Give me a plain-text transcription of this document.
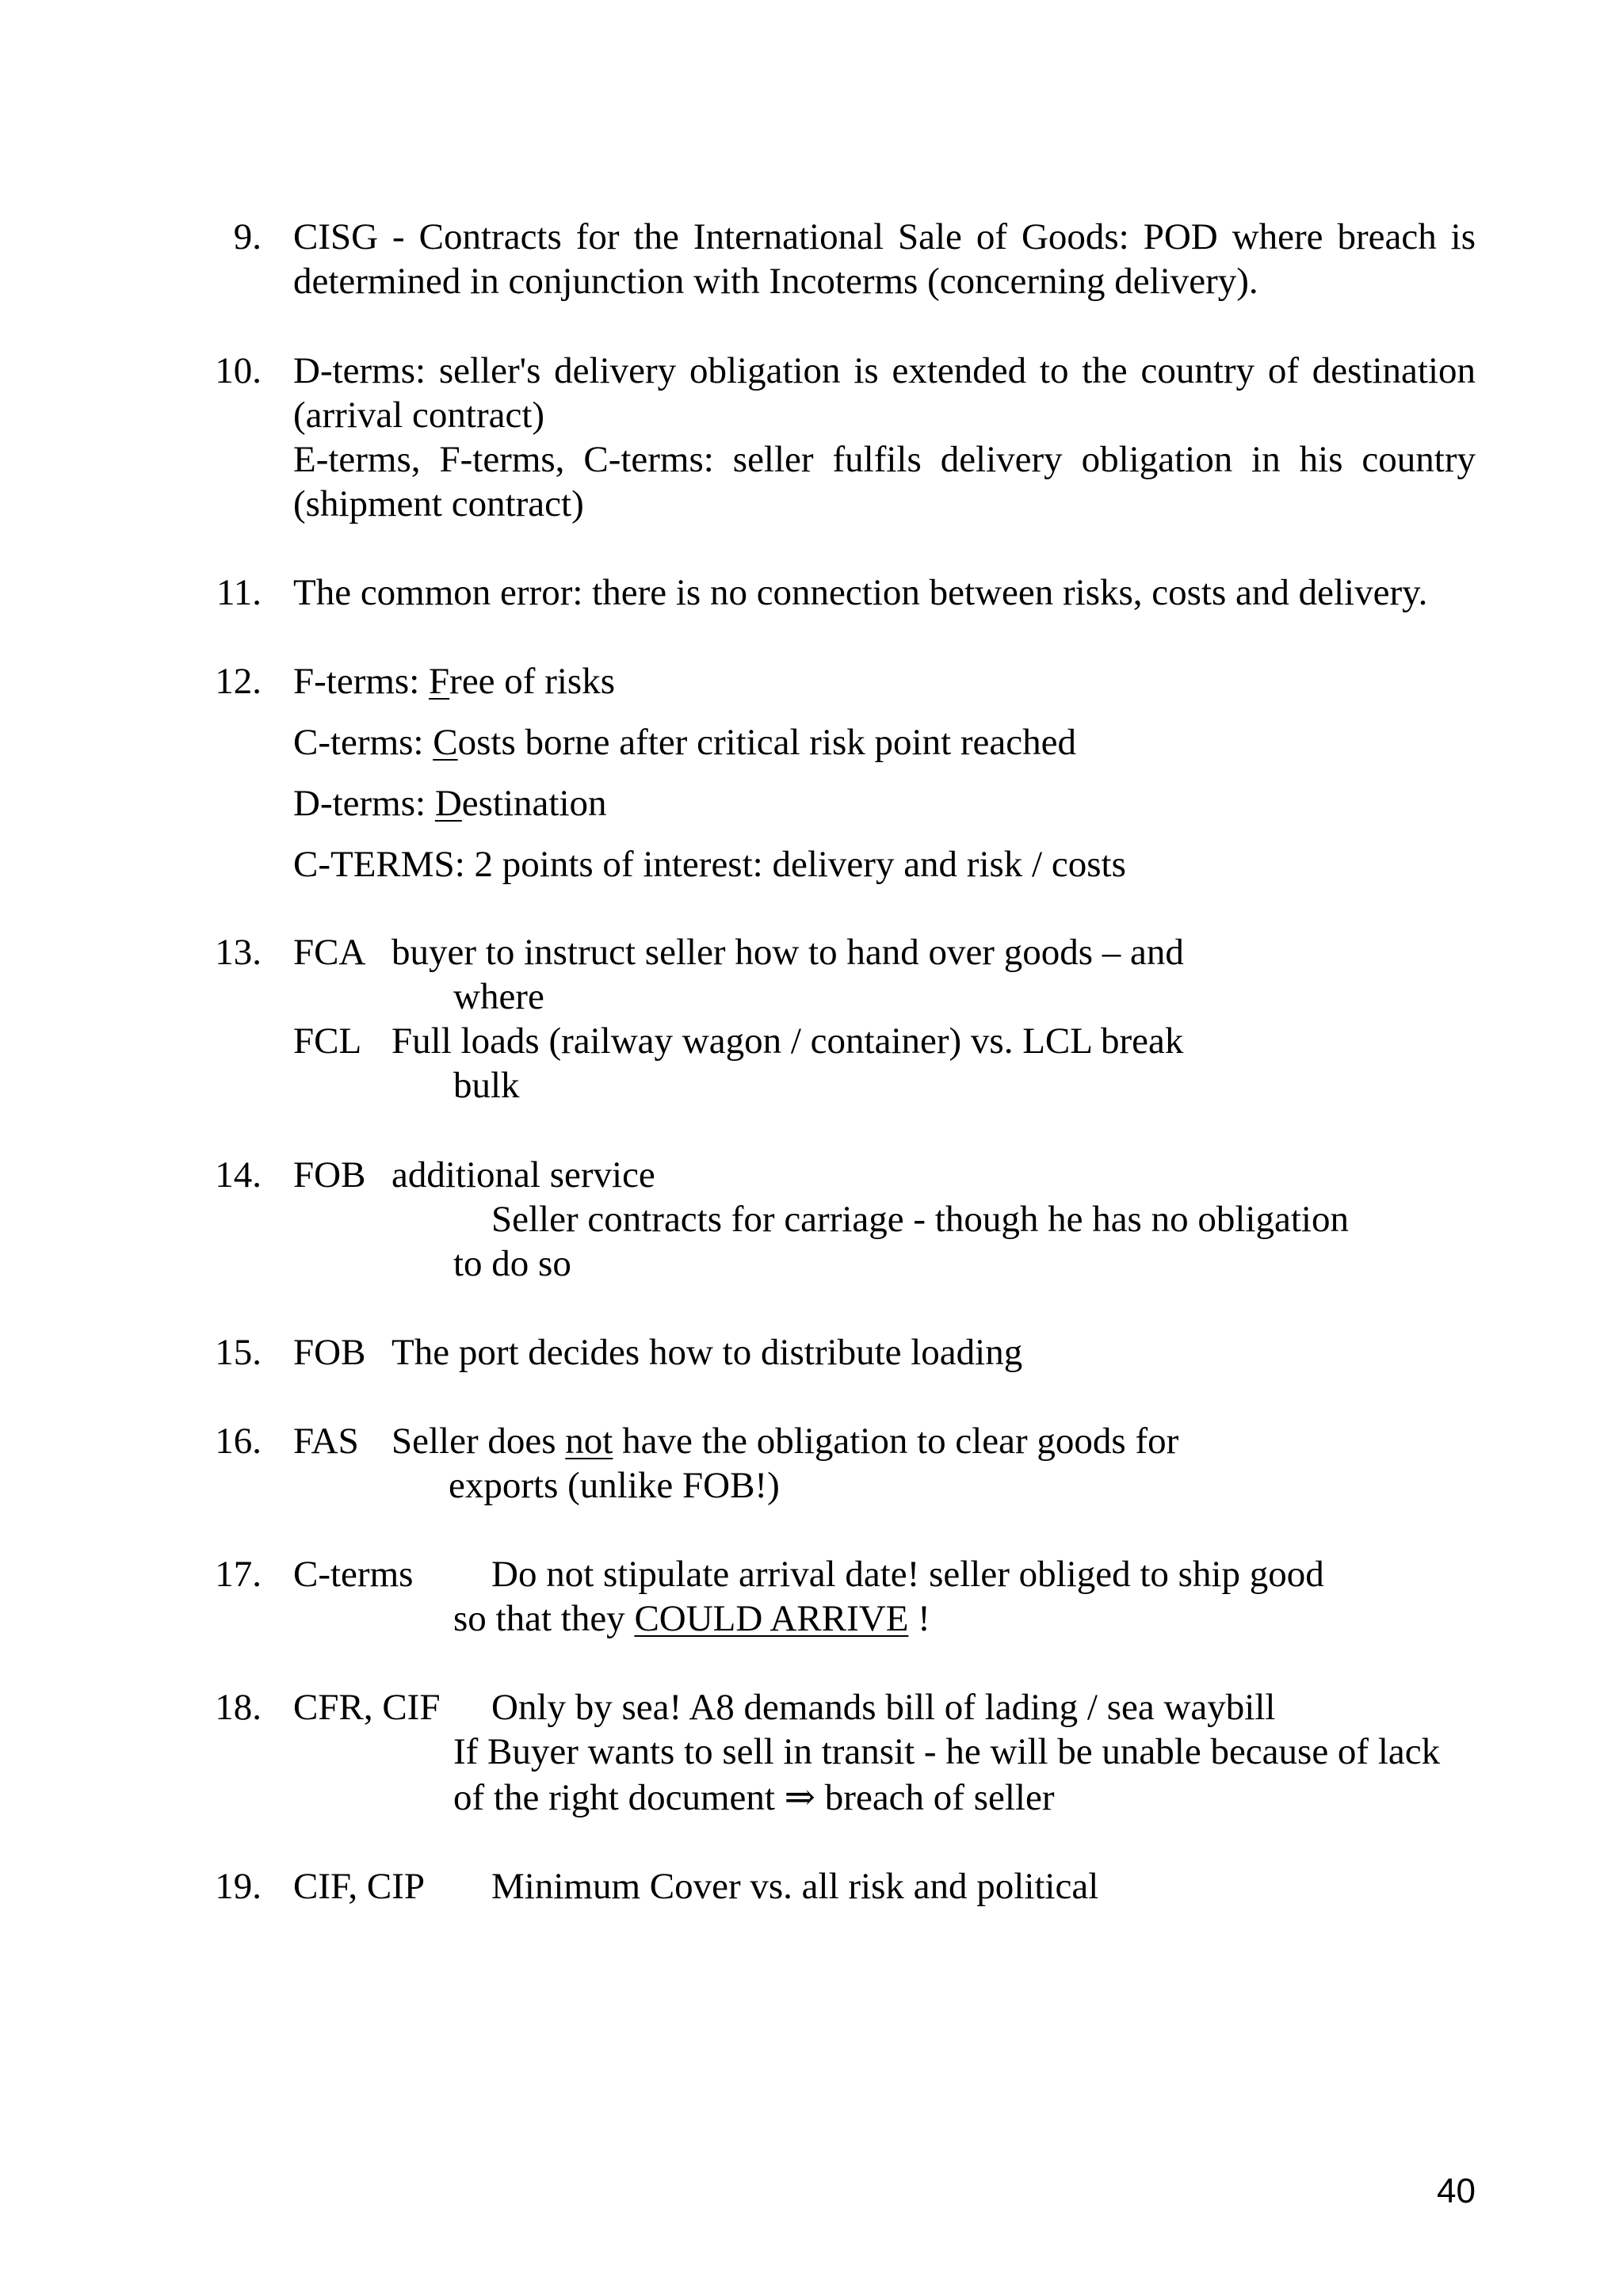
9. CISG - Contracts for the International Sale of Goods: POD where breach is
determined in conjunction with Incoterms (concerning delivery).
10. D-terms: seller's delivery obligation is extended to the country of destination
(arrival contract)
E-terms, F-terms, C-terms: seller fulfils delivery obligation in his country
(shipment contract)
11. The common error: there is no connection between risks, costs and delivery.
12. F-terms: Free of risks
C-terms: Costs borne after critical risk point reached
D-terms: Destination
C-TERMS: 2 points of interest: delivery and risk / costs
13. FCA buyer to instruct seller how to hand over goods – and
where
FCL Full loads (railway wagon / container) vs. LCL break
bulk
14. FOB additional service
Seller contracts for carriage - though he has no obligation
to do so
15. FOB The port decides how to distribute loading
16. FAS Seller does not have the obligation to clear goods for
exports (unlike FOB!)
17. C-terms Do not stipulate arrival date! seller obliged to ship good
so that they COULD ARRIVE !
18. CFR, CIF Only by sea! A8 demands bill of lading / sea waybill
If Buyer wants to sell in transit - he will be unable because of lack
of the right document ⇒ breach of seller
19. CIF, CIP Minimum Cover vs. all risk and political
40
